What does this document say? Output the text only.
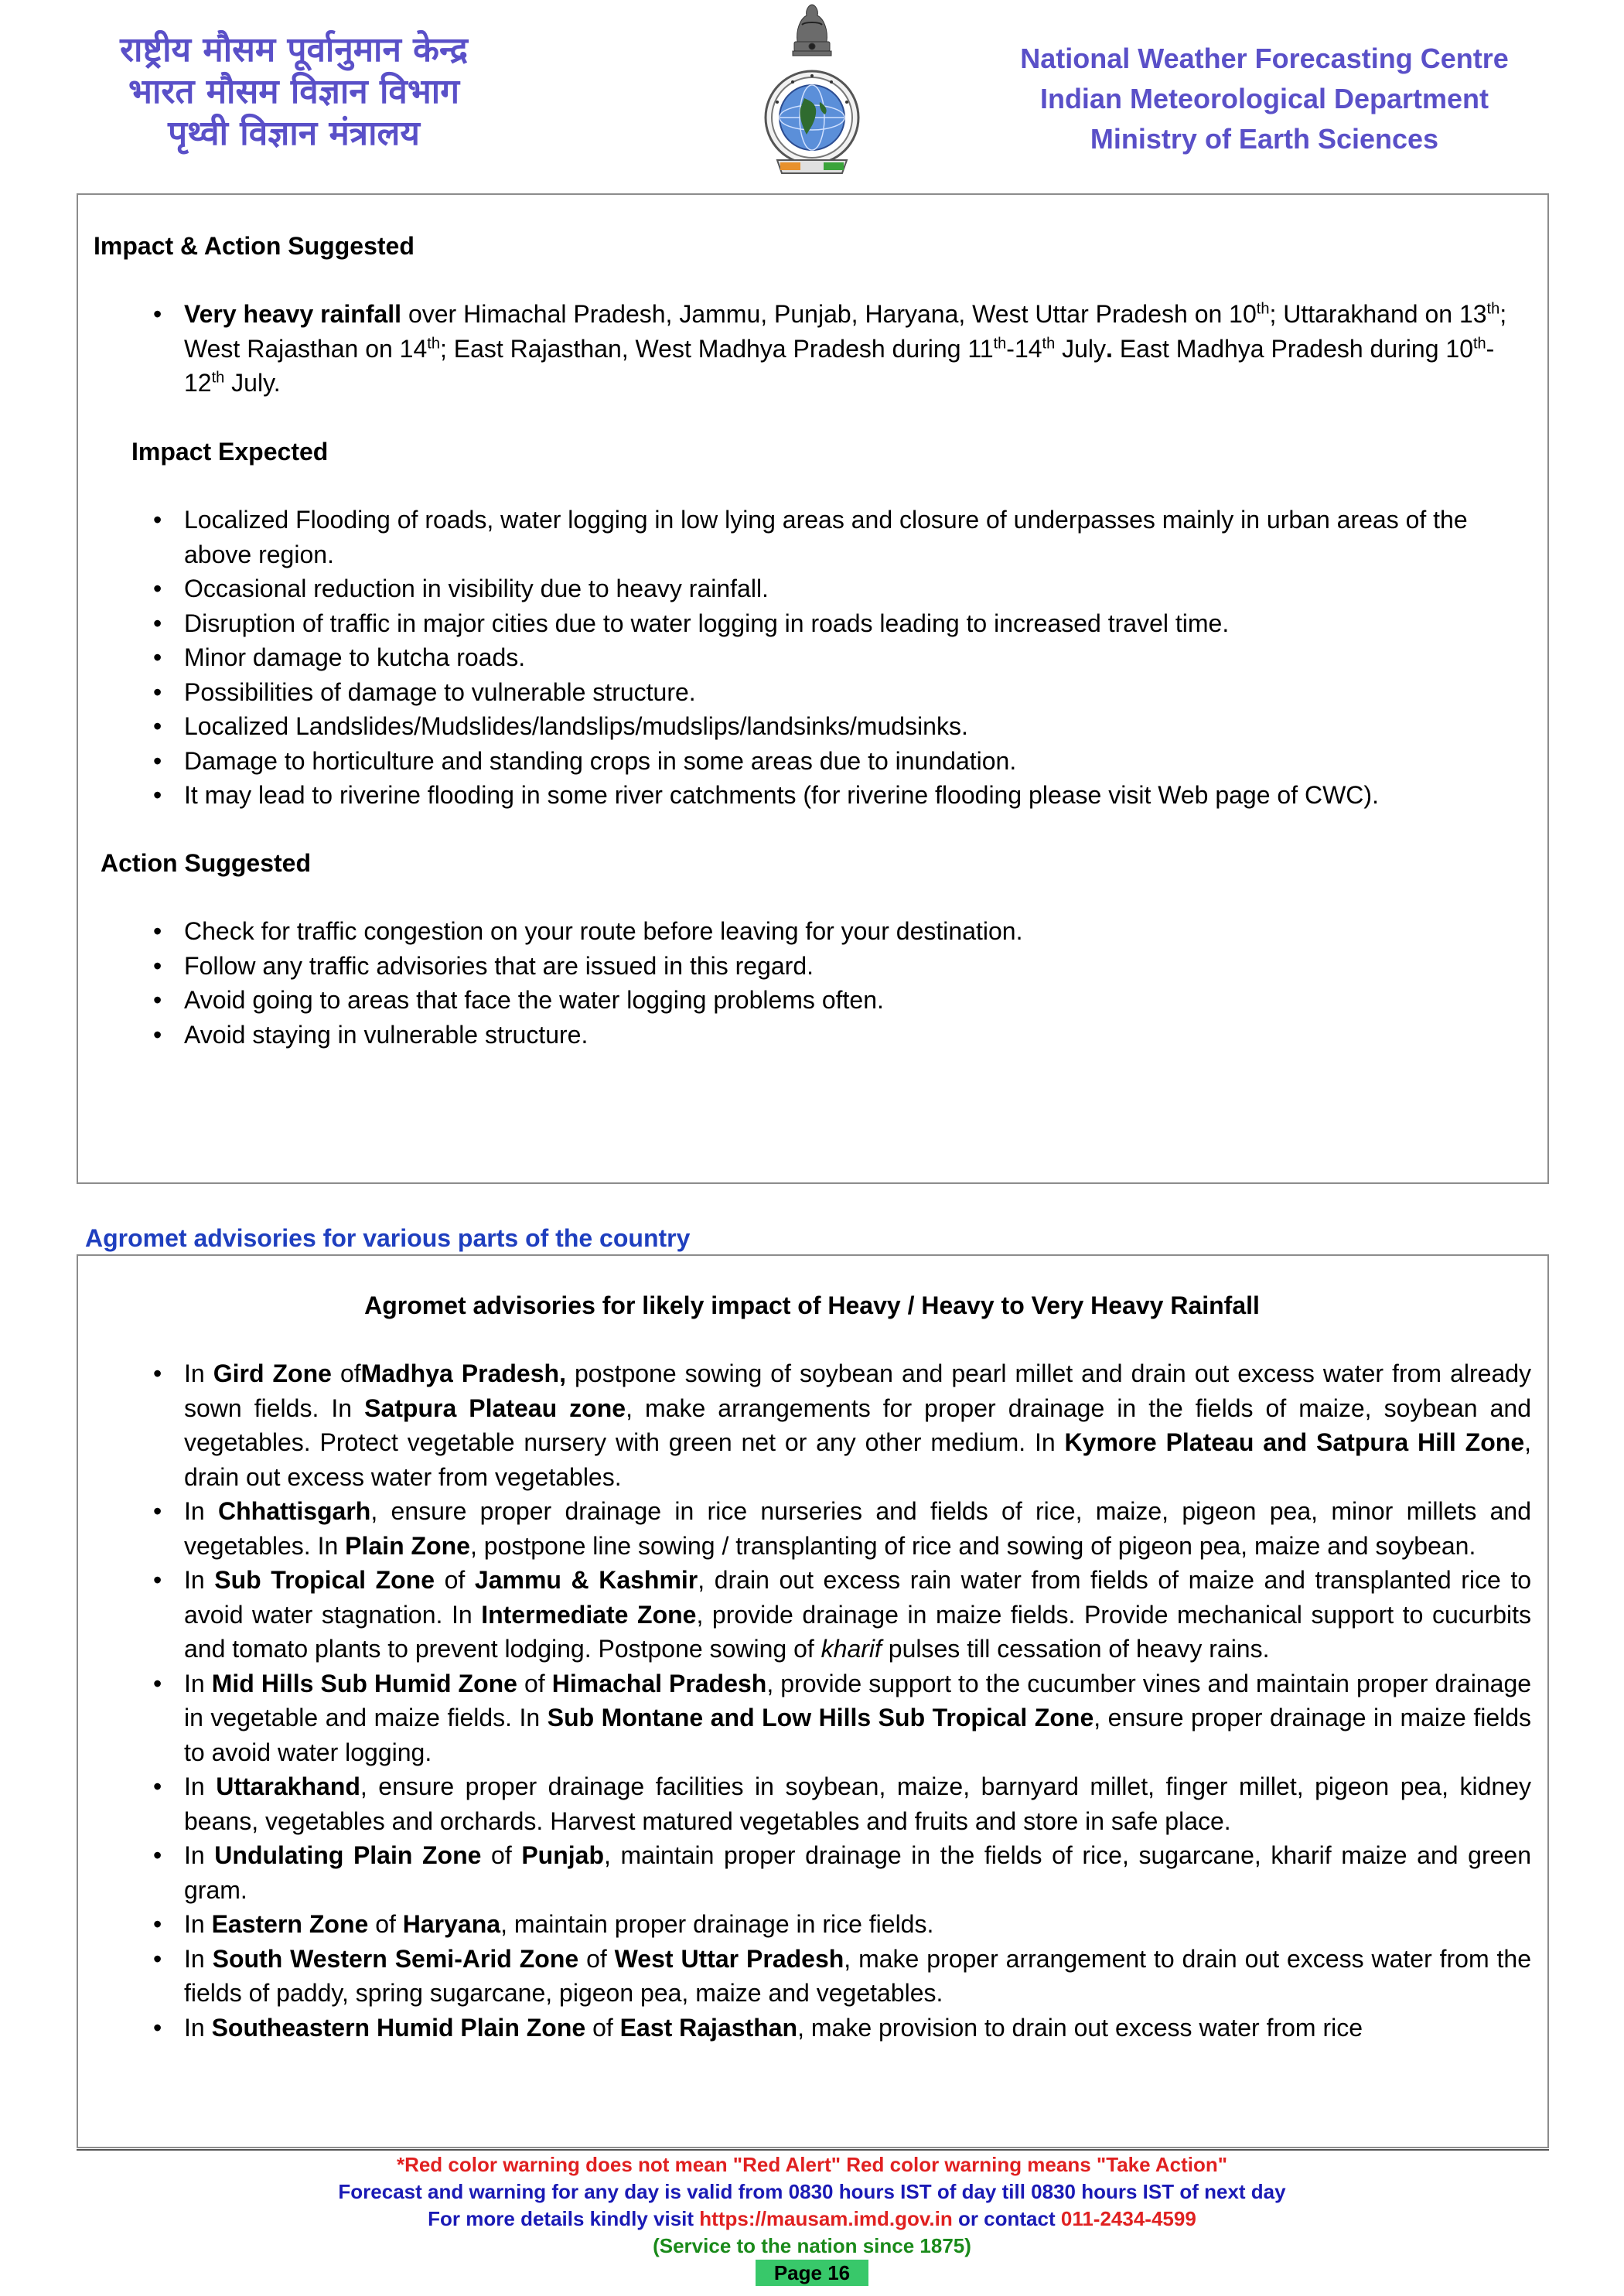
राष्ट्रीय मौसम पूर्वानुमान केन्द्र
भारत मौसम विज्ञान विभाग
पृथ्वी विज्ञान मंत्रालय
National Weather Forecasting Centre
Indian Meteorological Department
Ministry of Earth Sciences
Impact & Action Suggested
• Very heavy rainfall over Himachal Pradesh, Jammu, Punjab, Haryana, West Uttar Pradesh on 10th; Uttarakhand on 13th; West Rajasthan on 14th; East Rajasthan, West Madhya Pradesh during 11th-14th July. East Madhya Pradesh during 10th-12th July.
Impact Expected
• Localized Flooding of roads, water logging in low lying areas and closure of underpasses mainly in urban areas of the above region.
• Occasional reduction in visibility due to heavy rainfall.
• Disruption of traffic in major cities due to water logging in roads leading to increased travel time.
• Minor damage to kutcha roads.
• Possibilities of damage to vulnerable structure.
• Localized Landslides/Mudslides/landslips/mudslips/landsinks/mudsinks.
• Damage to horticulture and standing crops in some areas due to inundation.
• It may lead to riverine flooding in some river catchments (for riverine flooding please visit Web page of CWC).
Action Suggested
• Check for traffic congestion on your route before leaving for your destination.
• Follow any traffic advisories that are issued in this regard.
• Avoid going to areas that face the water logging problems often.
• Avoid staying in vulnerable structure.
Agromet advisories for various parts of the country
Agromet advisories for likely impact of Heavy / Heavy to Very Heavy Rainfall
• In Gird Zone ofMadhya Pradesh, postpone sowing of soybean and pearl millet and drain out excess water from already sown fields. In Satpura Plateau zone, make arrangements for proper drainage in the fields of maize, soybean and vegetables. Protect vegetable nursery with green net or any other medium. In Kymore Plateau and Satpura Hill Zone, drain out excess water from vegetables.
• In Chhattisgarh, ensure proper drainage in rice nurseries and fields of rice, maize, pigeon pea, minor millets and vegetables. In Plain Zone, postpone line sowing / transplanting of rice and sowing of pigeon pea, maize and soybean.
• In Sub Tropical Zone of Jammu & Kashmir, drain out excess rain water from fields of maize and transplanted rice to avoid water stagnation. In Intermediate Zone, provide drainage in maize fields. Provide mechanical support to cucurbits and tomato plants to prevent lodging. Postpone sowing of kharif pulses till cessation of heavy rains.
• In Mid Hills Sub Humid Zone of Himachal Pradesh, provide support to the cucumber vines and maintain proper drainage in vegetable and maize fields. In Sub Montane and Low Hills Sub Tropical Zone, ensure proper drainage in maize fields to avoid water logging.
• In Uttarakhand, ensure proper drainage facilities in soybean, maize, barnyard millet, finger millet, pigeon pea, kidney beans, vegetables and orchards. Harvest matured vegetables and fruits and store in safe place.
• In Undulating Plain Zone of Punjab, maintain proper drainage in the fields of rice, sugarcane, kharif maize and green gram.
• In Eastern Zone of Haryana, maintain proper drainage in rice fields.
• In South Western Semi-Arid Zone of West Uttar Pradesh, make proper arrangement to drain out excess water from the fields of paddy, spring sugarcane, pigeon pea, maize and vegetables.
• In Southeastern Humid Plain Zone of East Rajasthan, make provision to drain out excess water from rice
*Red color warning does not mean "Red Alert" Red color warning means "Take Action"
Forecast and warning for any day is valid from 0830 hours IST of day till 0830 hours IST of next day
For more details kindly visit https://mausam.imd.gov.in or contact 011-2434-4599
(Service to the nation since 1875)
Page 16
